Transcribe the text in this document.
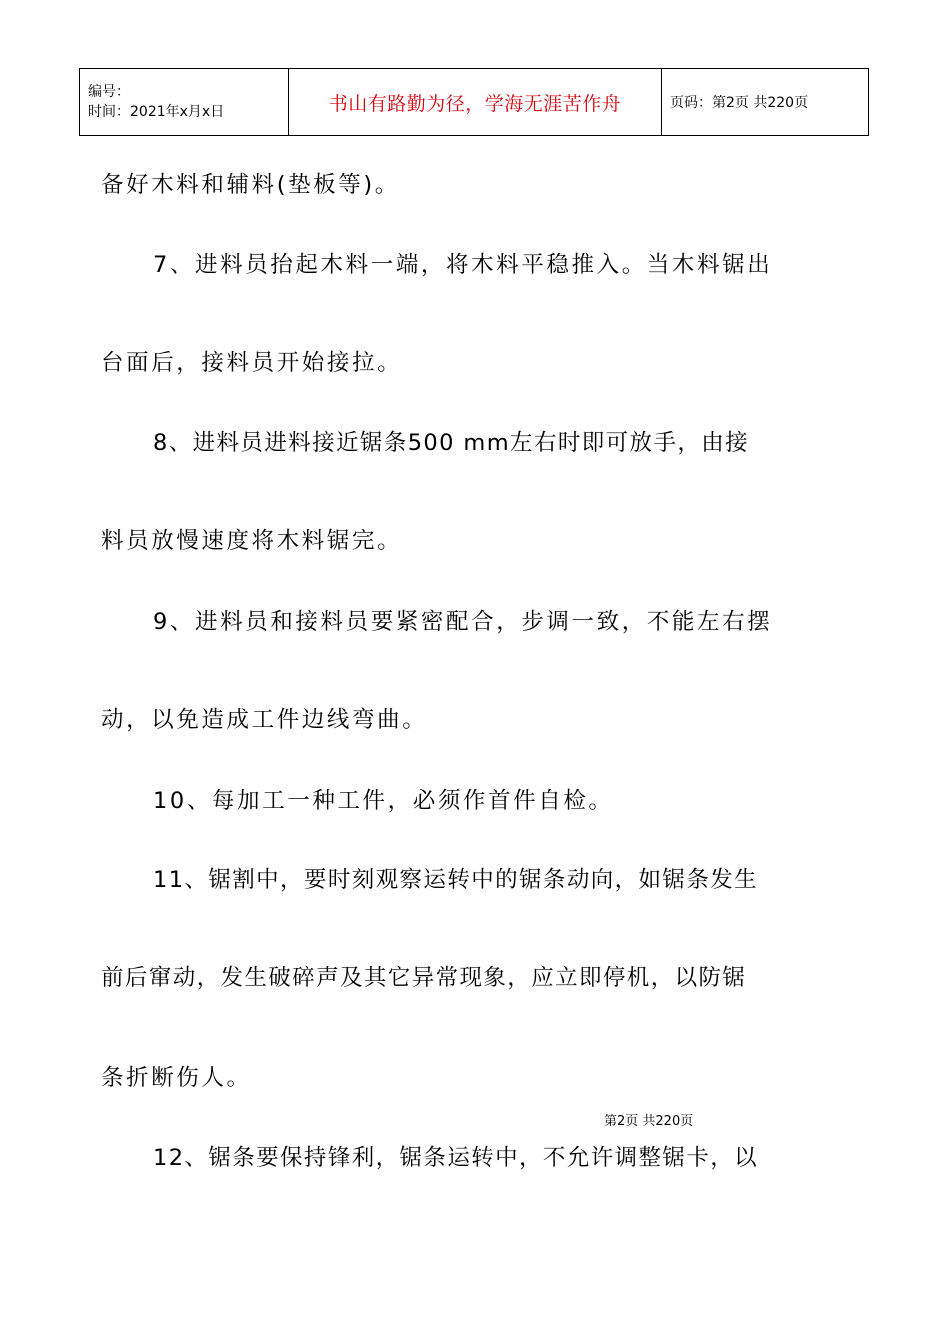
编号：
时间：2021年x月x日	书山有路勤为径，学海无涯苦作舟	页码：第2页 共220页
备好木料和辅料(垫板等)。
7、进料员抬起木料一端，将木料平稳推入。当木料锯出
台面后，接料员开始接拉。
8、进料员进料接近锯条500 mm左右时即可放手，由接
料员放慢速度将木料锯完。
9、进料员和接料员要紧密配合，步调一致，不能左右摆
动，以免造成工件边线弯曲。
10、每加工一种工件，必须作首件自检。
11、锯割中，要时刻观察运转中的锯条动向，如锯条发生
前后窜动，发生破碎声及其它异常现象，应立即停机，以防锯
条折断伤人。
第2页 共220页
12、锯条要保持锋利，锯条运转中，不允许调整锯卡，以
